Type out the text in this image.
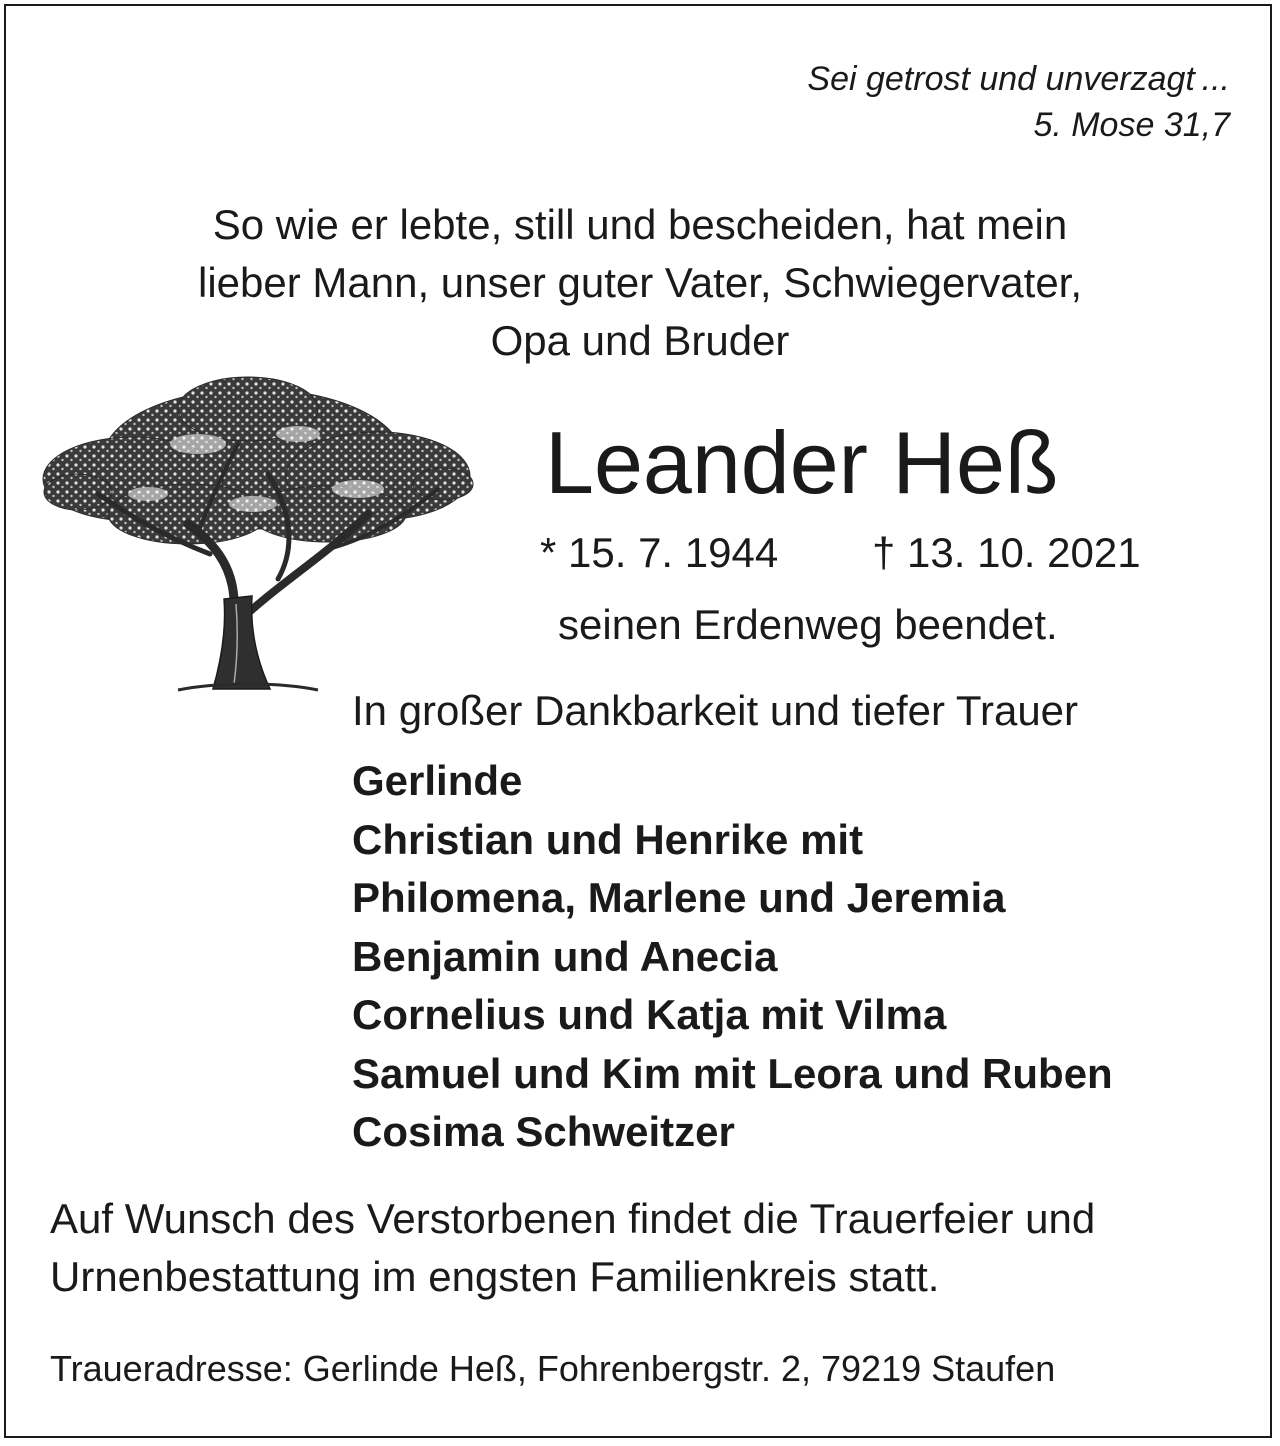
Sei getrost und unverzagt ...
5. Mose 31,7
So wie er lebte, still und bescheiden, hat mein
lieber Mann, unser guter Vater, Schwiegervater,
Opa und Bruder
Leander Heß
* 15. 7. 1944 † 13. 10. 2021
seinen Erdenweg beendet.
In großer Dankbarkeit und tiefer Trauer
Gerlinde
Christian und Henrike mit
Philomena, Marlene und Jeremia
Benjamin und Anecia
Cornelius und Katja mit Vilma
Samuel und Kim mit Leora und Ruben
Cosima Schweitzer
Auf Wunsch des Verstorbenen findet die Trauerfeier und
Urnenbestattung im engsten Familienkreis statt.
Traueradresse: Gerlinde Heß, Fohrenbergstr. 2, 79219 Staufen
